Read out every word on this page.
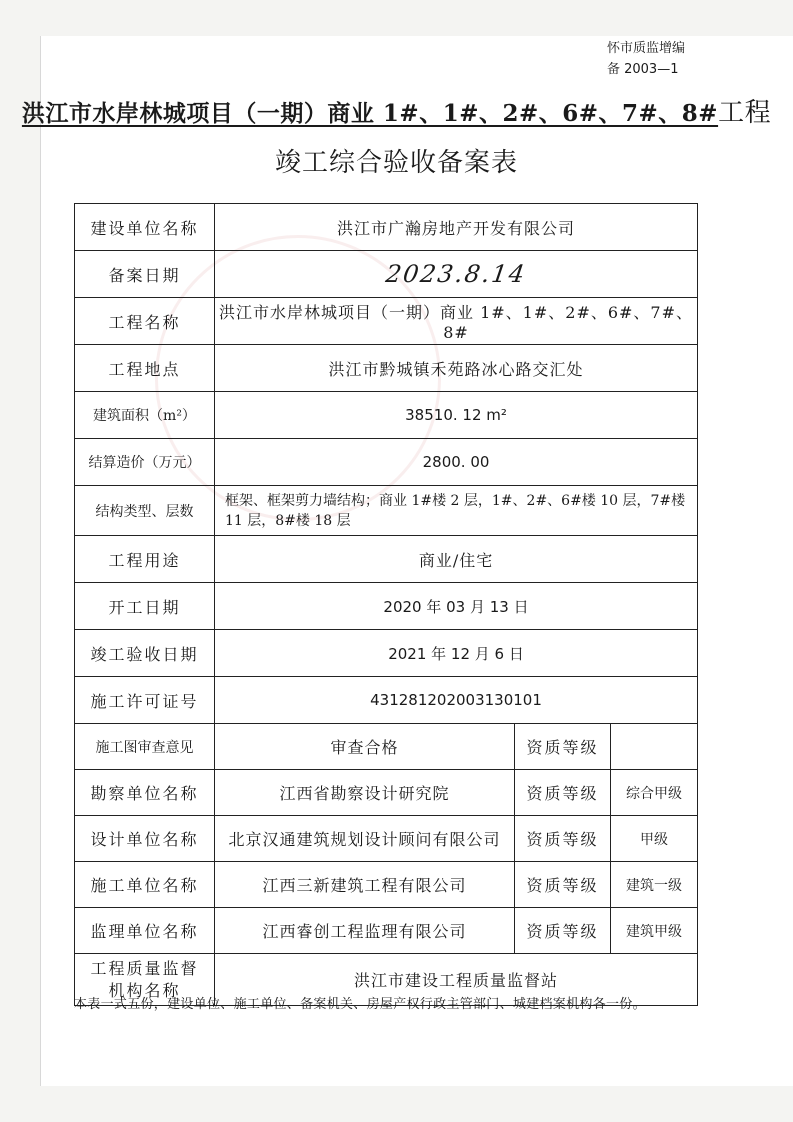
怀市质监增编
备 2003—1
洪江市水岸林城项目（一期）商业 1#、1#、2#、6#、7#、8#工程
竣工综合验收备案表
建设单位名称	洪江市广瀚房地产开发有限公司		
备案日期	2023.8.14		
工程名称	洪江市水岸林城项目（一期）商业 1#、1#、2#、6#、7#、8#		
工程地点	洪江市黔城镇禾苑路冰心路交汇处		
建筑面积（m²）	38510. 12 m²		
结算造价（万元）	2800. 00		
结构类型、层数	框架、框架剪力墙结构；商业 1#楼 2 层，1#、2#、6#楼 10 层，7#楼 11 层，8#楼 18 层		
工程用途	商业/住宅		
开工日期	2020 年 03 月 13 日		
竣工验收日期	2021 年 12 月 6 日		
施工许可证号	431281202003130101		
施工图审查意见	审查合格	资质等级	
勘察单位名称	江西省勘察设计研究院	资质等级	综合甲级
设计单位名称	北京汉通建筑规划设计顾问有限公司	资质等级	甲级
施工单位名称	江西三新建筑工程有限公司	资质等级	建筑一级
监理单位名称	江西睿创工程监理有限公司	资质等级	建筑甲级

工程质量监督
机构名称	洪江市建设工程质量监督站		
本表一式五份，建设单位、施工单位、备案机关、房屋产权行政主管部门、城建档案机构各一份。
